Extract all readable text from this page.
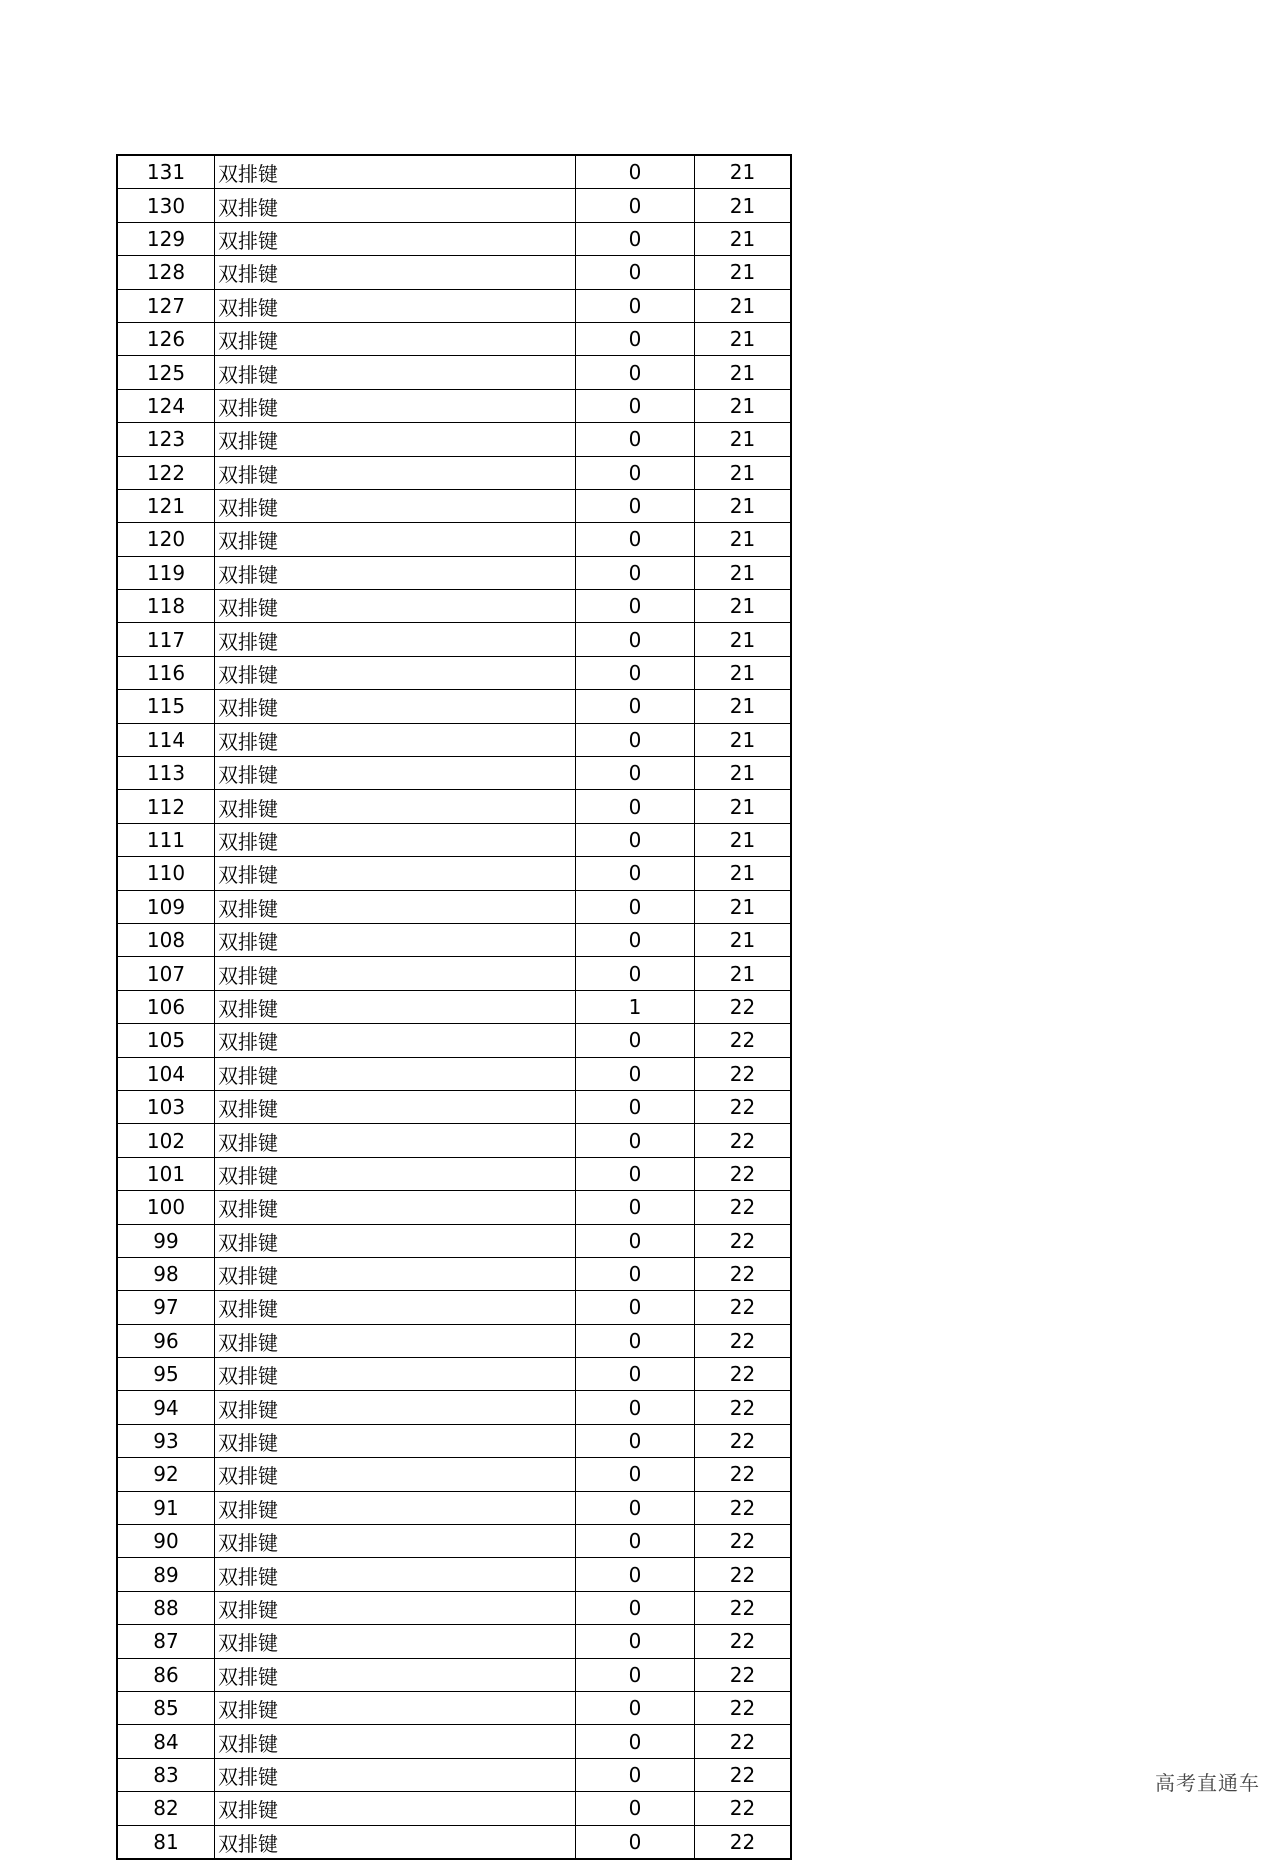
131	双排键	0	21
130	双排键	0	21
129	双排键	0	21
128	双排键	0	21
127	双排键	0	21
126	双排键	0	21
125	双排键	0	21
124	双排键	0	21
123	双排键	0	21
122	双排键	0	21
121	双排键	0	21
120	双排键	0	21
119	双排键	0	21
118	双排键	0	21
117	双排键	0	21
116	双排键	0	21
115	双排键	0	21
114	双排键	0	21
113	双排键	0	21
112	双排键	0	21
111	双排键	0	21
110	双排键	0	21
109	双排键	0	21
108	双排键	0	21
107	双排键	0	21
106	双排键	1	22
105	双排键	0	22
104	双排键	0	22
103	双排键	0	22
102	双排键	0	22
101	双排键	0	22
100	双排键	0	22
99	双排键	0	22
98	双排键	0	22
97	双排键	0	22
96	双排键	0	22
95	双排键	0	22
94	双排键	0	22
93	双排键	0	22
92	双排键	0	22
91	双排键	0	22
90	双排键	0	22
89	双排键	0	22
88	双排键	0	22
87	双排键	0	22
86	双排键	0	22
85	双排键	0	22
84	双排键	0	22
83	双排键	0	22
82	双排键	0	22
81	双排键	0	22
高考直通车
